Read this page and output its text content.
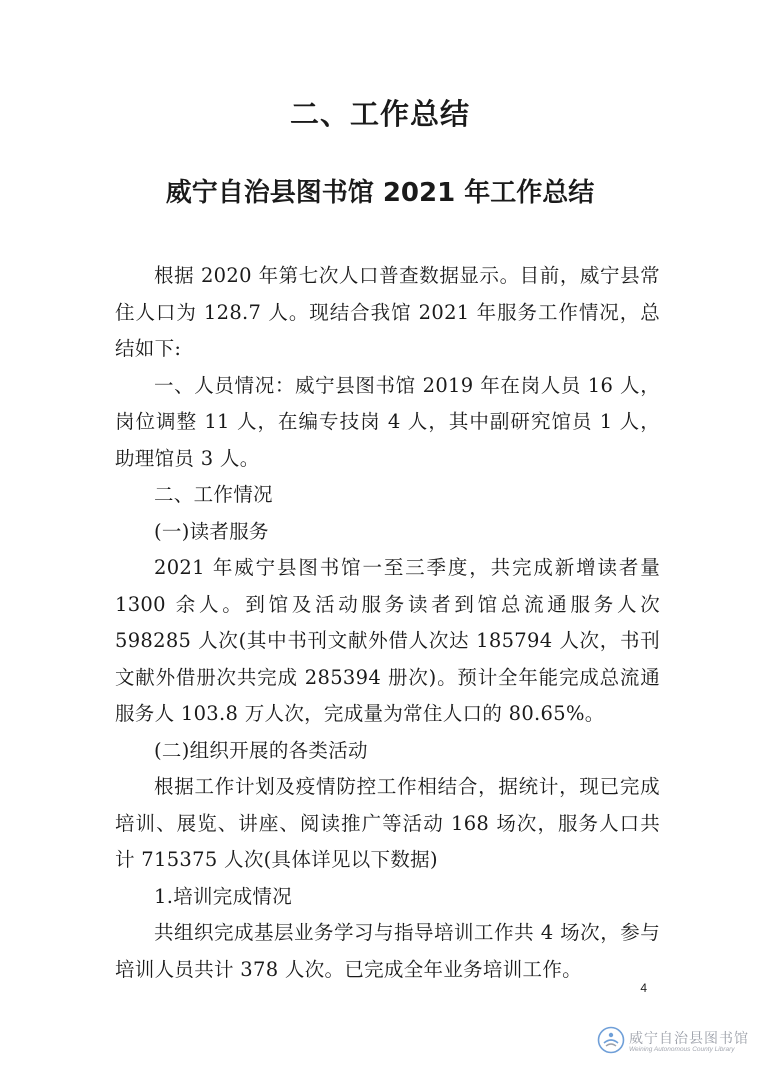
二、工作总结
威宁自治县图书馆 2021 年工作总结

根据 2020 年第七次人口普查数据显示。目前，威宁县常住人口为 128.7 人。现结合我馆 2021 年服务工作情况，总结如下:

一、人员情况：威宁县图书馆 2019 年在岗人员 16 人，岗位调整 11 人，在编专技岗 4 人，其中副研究馆员 1 人，助理馆员 3 人。

二、工作情况

(一)读者服务

2021 年威宁县图书馆一至三季度，共完成新增读者量 1300 余人。到馆及活动服务读者到馆总流通服务人次 598285 人次(其中书刊文献外借人次达 185794 人次，书刊文献外借册次共完成 285394 册次)。预计全年能完成总流通服务人 103.8 万人次，完成量为常住人口的 80.65%。

(二)组织开展的各类活动

根据工作计划及疫情防控工作相结合，据统计，现已完成培训、展览、讲座、阅读推广等活动 168 场次，服务人口共计 715375 人次(具体详见以下数据)

1.培训完成情况

共组织完成基层业务学习与指导培训工作共 4 场次，参与培训人员共计 378 人次。已完成全年业务培训工作。

4
威宁自治县图书馆
Weining Autonomous County Library
